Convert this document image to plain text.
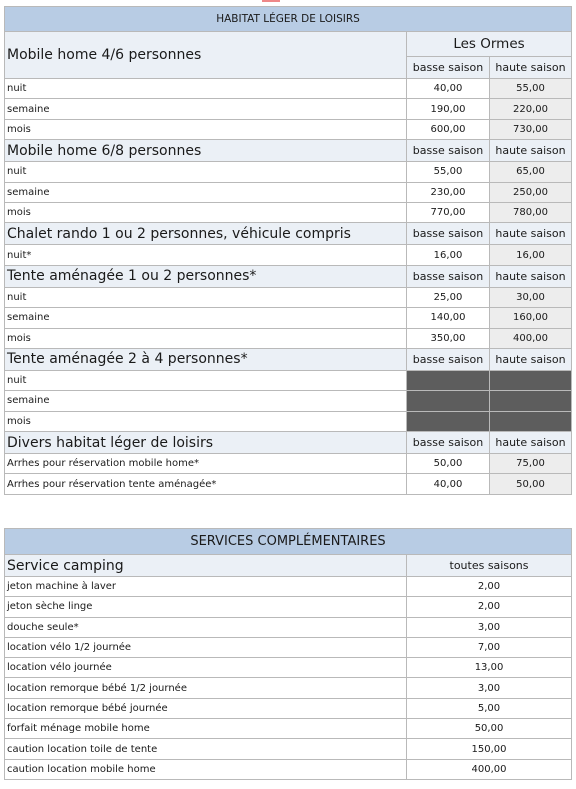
HABITAT LÉGER DE LOISIRS		
Mobile home 4/6 personnes	Les Ormes	
	basse saison	haute saison
nuit	40,00	55,00
semaine	190,00	220,00
mois	600,00	730,00
Mobile home 6/8 personnes	basse saison	haute saison
nuit	55,00	65,00
semaine	230,00	250,00
mois	770,00	780,00
Chalet rando 1 ou 2 personnes, véhicule compris	basse saison	haute saison
nuit*	16,00	16,00
Tente aménagée 1 ou 2 personnes*	basse saison	haute saison
nuit	25,00	30,00
semaine	140,00	160,00
mois	350,00	400,00
Tente aménagée 2 à 4 personnes*	basse saison	haute saison
nuit		
semaine		
mois		
Divers habitat léger de loisirs	basse saison	haute saison
Arrhes pour réservation mobile home*	50,00	75,00
Arrhes pour réservation tente aménagée*	40,00	50,00
SERVICES COMPLÉMENTAIRES	
Service camping	toutes saisons
jeton machine à laver	2,00
jeton sèche linge	2,00
douche seule*	3,00
location vélo 1/2 journée	7,00
location vélo journée	13,00
location remorque bébé 1/2 journée	3,00
location remorque bébé journée	5,00
forfait ménage mobile home	50,00
caution location toile de tente	150,00
caution location mobile home	400,00
